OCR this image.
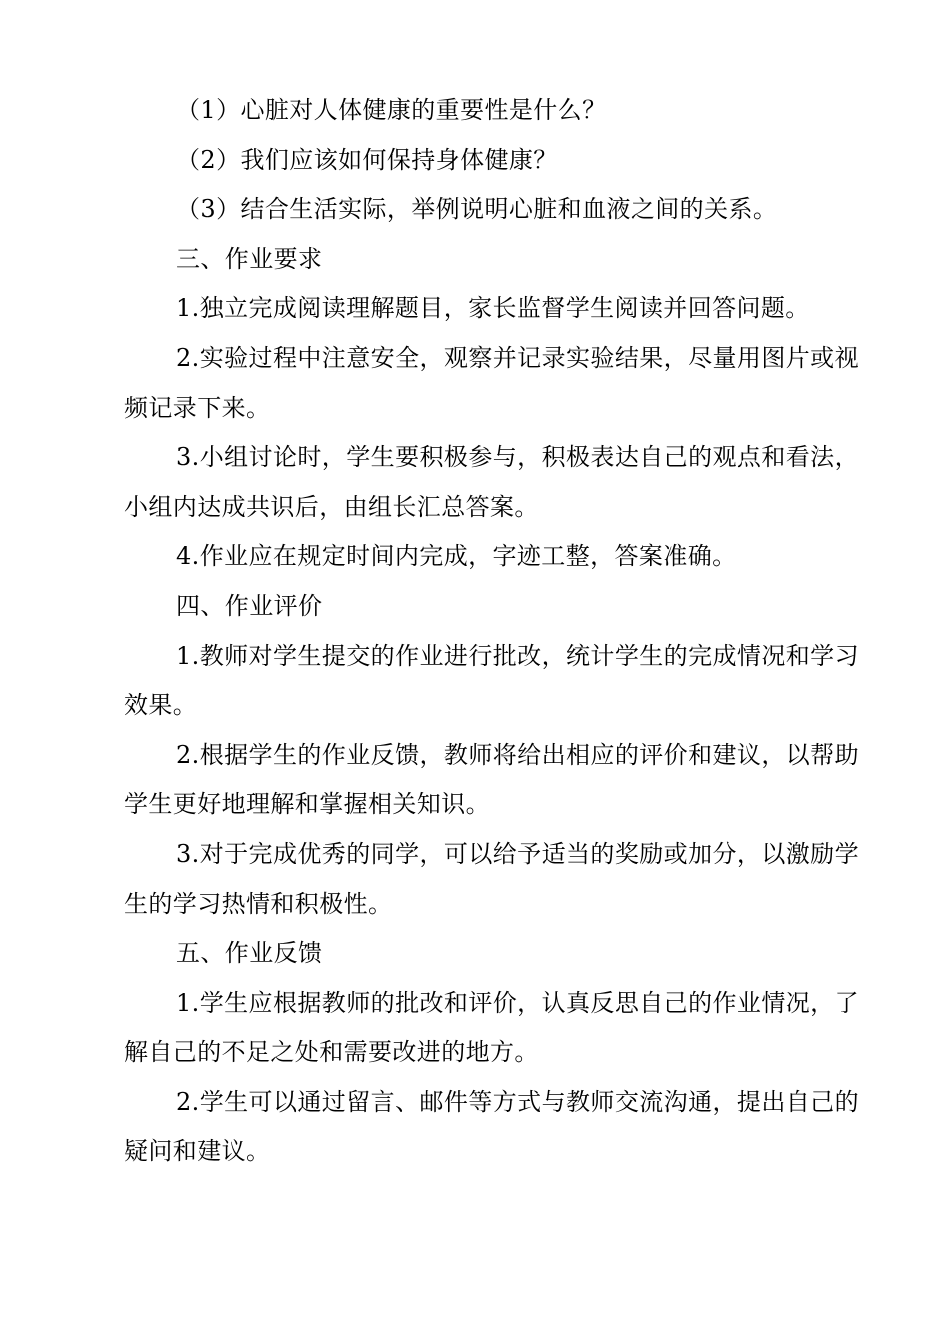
（1）心脏对人体健康的重要性是什么？

（2）我们应该如何保持身体健康？

（3）结合生活实际，举例说明心脏和血液之间的关系。

三、作业要求

1.独立完成阅读理解题目，家长监督学生阅读并回答问题。

2.实验过程中注意安全，观察并记录实验结果，尽量用图片或视频记录下来。

3.小组讨论时，学生要积极参与，积极表达自己的观点和看法，小组内达成共识后，由组长汇总答案。

4.作业应在规定时间内完成，字迹工整，答案准确。

四、作业评价

1.教师对学生提交的作业进行批改，统计学生的完成情况和学习效果。

2.根据学生的作业反馈，教师将给出相应的评价和建议，以帮助学生更好地理解和掌握相关知识。

3.对于完成优秀的同学，可以给予适当的奖励或加分，以激励学生的学习热情和积极性。

五、作业反馈

1.学生应根据教师的批改和评价，认真反思自己的作业情况，了解自己的不足之处和需要改进的地方。

2.学生可以通过留言、邮件等方式与教师交流沟通，提出自己的疑问和建议。
